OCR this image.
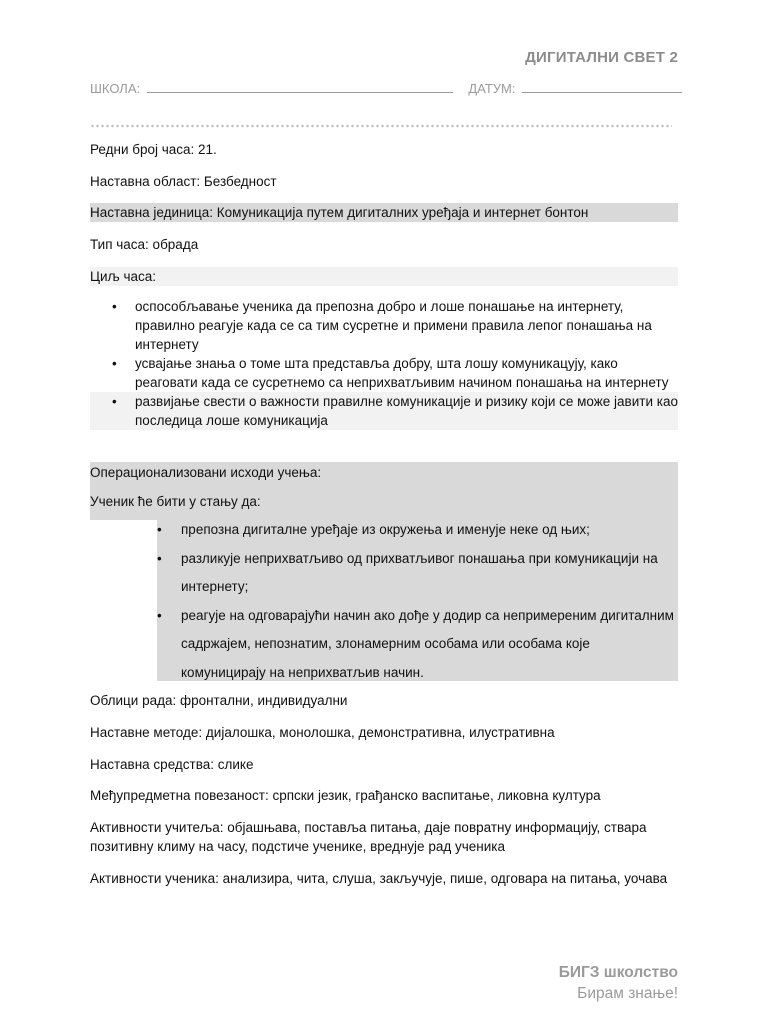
ДИГИТАЛНИ СВЕТ 2
ШКОЛА:	ДАТУМ:
Редни број часа: 21.
Наставна област: Безбедност
Наставна јединица: Комуникација путем дигиталних уређаја и интернет бонтон
Тип часа: обрада
Циљ часа:
• оспособљавање ученика да препозна добро и лоше понашање на интернету, правилно реагује када се са тим сусретне и примени правила лепог понашања на интернету
• усвајање знања о томе шта представља добру, шта лошу комуникацују, како реаговати када се сусретнемо са неприхватљивим начином понашања на интернету
• развијање свести о важности правилне комуникације и ризику који се може јавити као последица лоше комуникација
Операционализовани исходи учења:
Ученик ће бити у стању да:
• препозна дигиталне уређаје из окружења и именује неке од њих;
• разликује неприхватљиво од прихватљивог понашања при комуникацији на интернету;
• реагује на одговарајући начин ако дође у додир са непримереним дигиталним садржајем, непознатим, злонамерним особама или особама које комуницирају на неприхватљив начин.
Облици рада: фронтални, индивидуални
Наставне методе: дијалошка, монолошка, демонстративна, илустративна
Наставна средства: слике
Међупредметна повезаност: српски језик, грађанско васпитање, ликовна култура
Активности учитеља: објашњава, поставља питања, даје повратну информацију, ствара позитивну климу на часу, подстиче ученике, вреднује рад ученика
Активности ученика: анализира, чита, слуша, закључује, пише, одговара на питања, уочава
БИГЗ школство
Бирам знање!
